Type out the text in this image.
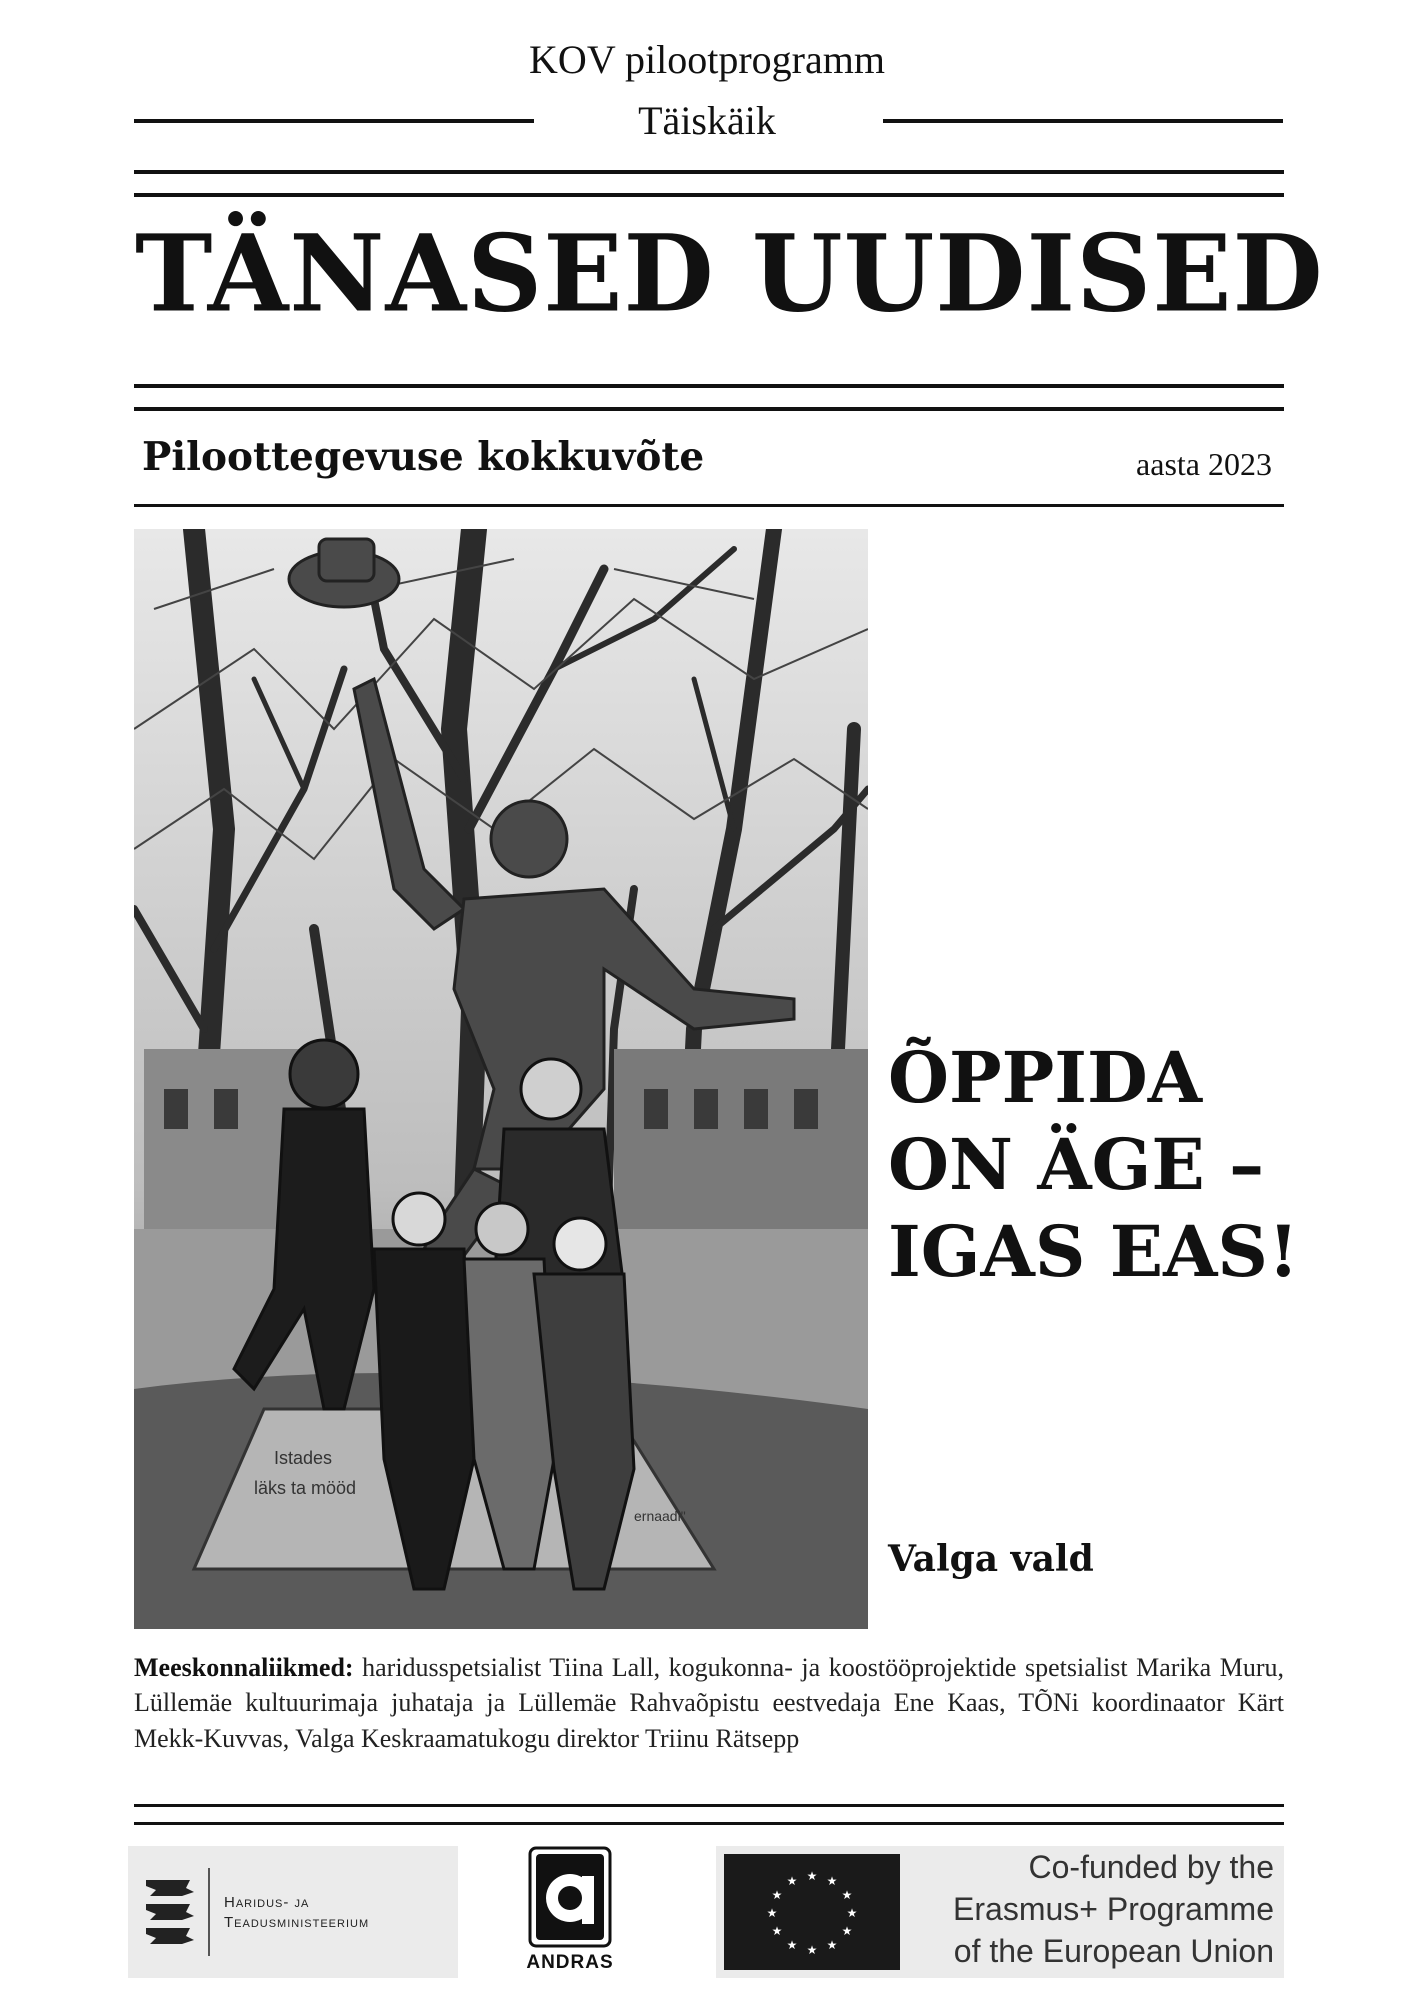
KOV pilootprogramm
Täiskäik
TÄNASED UUDISED
Piloottegevuse kokkuvõte	aasta 2023
Istades
läks ta mööd
ernaadi"
ÕPPIDA
ON ÄGE –
IGAS EAS!
Valga vald
Meeskonnaliikmed: haridusspetsialist Tiina Lall, kogukonna- ja koostööprojektide spetsialist Marika Muru, Lüllemäe kultuurimaja juhataja ja Lüllemäe Rahvaõpistu eestvedaja Ene Kaas, TÕNi koordinaator Kärt Mekk-Kuvvas, Valga Keskraamatukogu direktor Triinu Rätsepp
Haridus- ja
Teadusministeerium
ANDRAS
★ ★
★
★
★
★
★
★
★
★
★
★	Co-funded by the
Erasmus+ Programme
of the European Union
